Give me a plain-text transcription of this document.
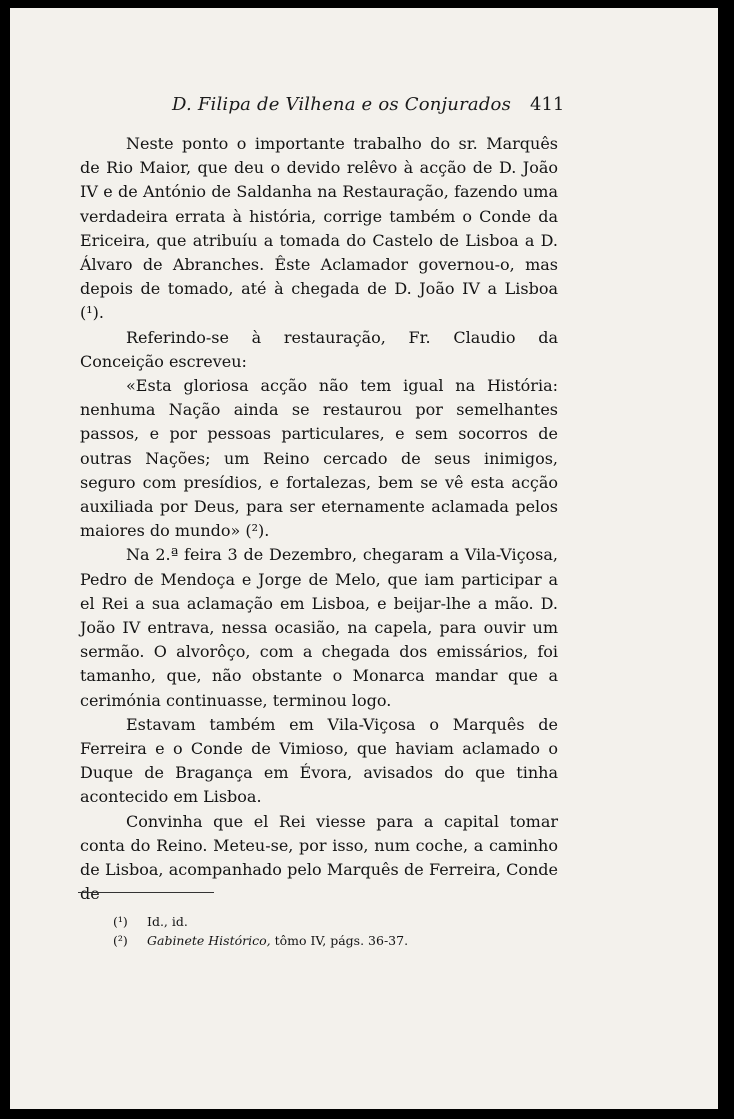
D. Filipa de Vilhena e os Conjurados 411

Neste ponto o importante trabalho do sr. Marquês de Rio Maior, que deu o devido relêvo à acção de D. João IV e de António de Saldanha na Restauração, fazendo uma verdadeira errata à história, corrige também o Conde da Ericeira, que atribuíu a tomada do Castelo de Lisboa a D. Álvaro de Abranches. Êste Aclamador governou-o, mas depois de tomado, até à chegada de D. João IV a Lisboa (¹).

Referindo-se à restauração, Fr. Claudio da Conceição escreveu:

«Esta gloriosa acção não tem igual na História: nenhuma Nação ainda se restaurou por semelhantes passos, e por pessoas particulares, e sem socorros de outras Nações; um Reino cercado de seus inimigos, seguro com presídios, e fortalezas, bem se vê esta acção auxiliada por Deus, para ser eternamente aclamada pelos maiores do mundo» (²).

Na 2.ª feira 3 de Dezembro, chegaram a Vila-Viçosa, Pedro de Mendoça e Jorge de Melo, que iam participar a el Rei a sua aclamação em Lisboa, e beijar-lhe a mão. D. João IV entrava, nessa ocasião, na capela, para ouvir um sermão. O alvorôço, com a chegada dos emissários, foi tamanho, que, não obstante o Monarca mandar que a cerimónia continuasse, terminou logo.

Estavam também em Vila-Viçosa o Marquês de Ferreira e o Conde de Vimioso, que haviam aclamado o Duque de Bragança em Évora, avisados do que tinha acontecido em Lisboa.

Convinha que el Rei viesse para a capital tomar conta do Reino. Meteu-se, por isso, num coche, a caminho de Lisboa, acompanhado pelo Marquês de Ferreira, Conde de

(¹) Id., id.
(²) Gabinete Histórico, tômo IV, págs. 36-37.
